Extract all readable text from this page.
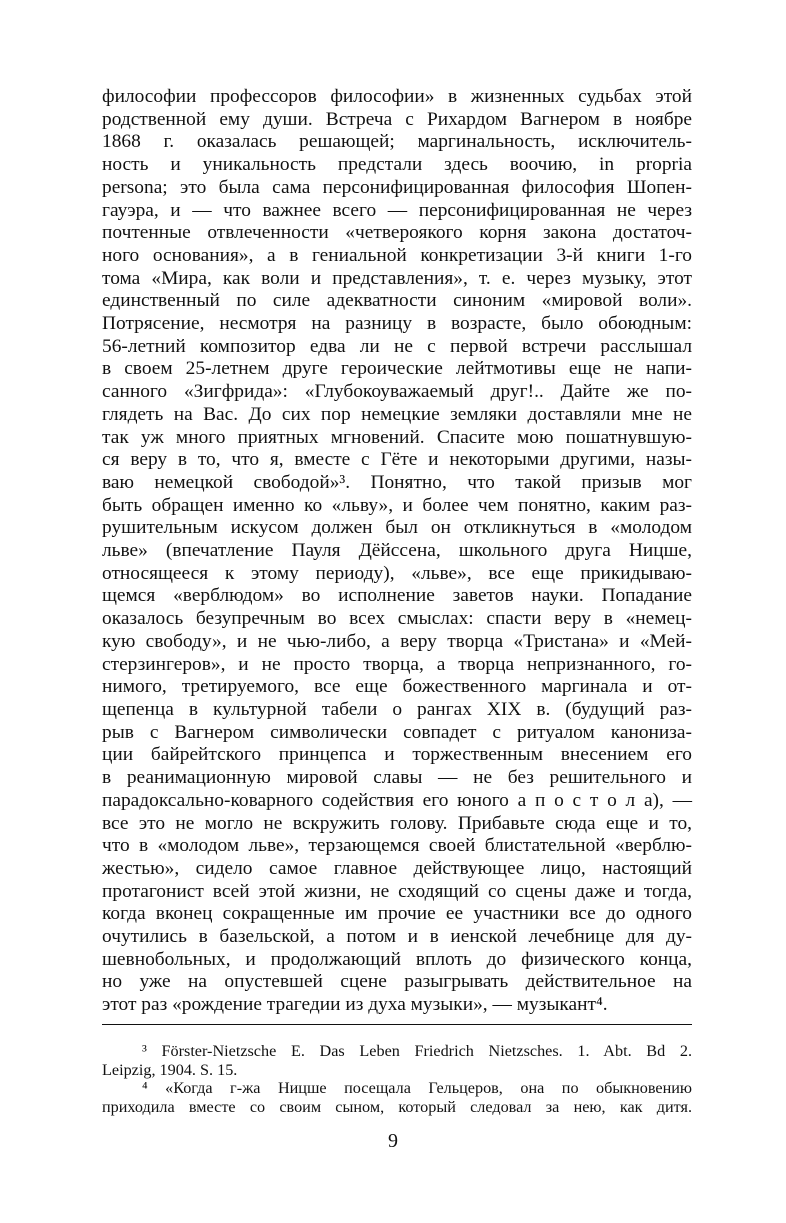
философии профессоров философии» в жизненных судьбах этой
родственной ему души. Встреча с Рихардом Вагнером в ноябре
1868 г. оказалась решающей; маргинальность, исключитель-
ность и уникальность предстали здесь воочию, in propria
persona; это была сама персонифицированная философия Шопен-
гауэра, и — что важнее всего — персонифицированная не через
почтенные отвлеченности «четвероякого корня закона достаточ-
ного основания», а в гениальной конкретизации 3-й книги 1-го
тома «Мира, как воли и представления», т. е. через музыку, этот
единственный по силе адекватности синоним «мировой воли».
Потрясение, несмотря на разницу в возрасте, было обоюдным:
56-летний композитор едва ли не с первой встречи расслышал
в своем 25-летнем друге героические лейтмотивы еще не напи-
санного «Зигфрида»: «Глубокоуважаемый друг!.. Дайте же по-
глядеть на Вас. До сих пор немецкие земляки доставляли мне не
так уж много приятных мгновений. Спасите мою пошатнувшую-
ся веру в то, что я, вместе с Гёте и некоторыми другими, назы-
ваю немецкой свободой»³. Понятно, что такой призыв мог
быть обращен именно ко «льву», и более чем понятно, каким раз-
рушительным искусом должен был он откликнуться в «молодом
льве» (впечатление Пауля Дёйссена, школьного друга Ницше,
относящееся к этому периоду), «льве», все еще прикидываю-
щемся «верблюдом» во исполнение заветов науки. Попадание
оказалось безупречным во всех смыслах: спасти веру в «немец-
кую свободу», и не чью-либо, а веру творца «Тристана» и «Мей-
стерзингеров», и не просто творца, а творца непризнанного, го-
нимого, третируемого, все еще божественного маргинала и от-
щепенца в культурной табели о рангах XIX в. (будущий раз-
рыв с Вагнером символически совпадет с ритуалом канониза-
ции байрейтского принцепса и торжественным внесением его
в реанимационную мировой славы — не без решительного и
парадоксально-коварного содействия его юного а п о с т о л а), —
все это не могло не вскружить голову. Прибавьте сюда еще и то,
что в «молодом льве», терзающемся своей блистательной «верблю-
жестью», сидело самое главное действующее лицо, настоящий
протагонист всей этой жизни, не сходящий со сцены даже и тогда,
когда вконец сокращенные им прочие ее участники все до одного
очутились в базельской, а потом и в иенской лечебнице для ду-
шевнобольных, и продолжающий вплоть до физического конца,
но уже на опустевшей сцене разыгрывать действительное на
этот раз «рождение трагедии из духа музыки», — музыкант⁴.
³ Förster-Nietzsche E. Das Leben Friedrich Nietzsches. 1. Abt. Bd 2.
Leipzig, 1904. S. 15.
⁴ «Когда г-жа Ницше посещала Гельцеров, она по обыкновению
приходила вместе со своим сыном, который следовал за нею, как дитя.
9
